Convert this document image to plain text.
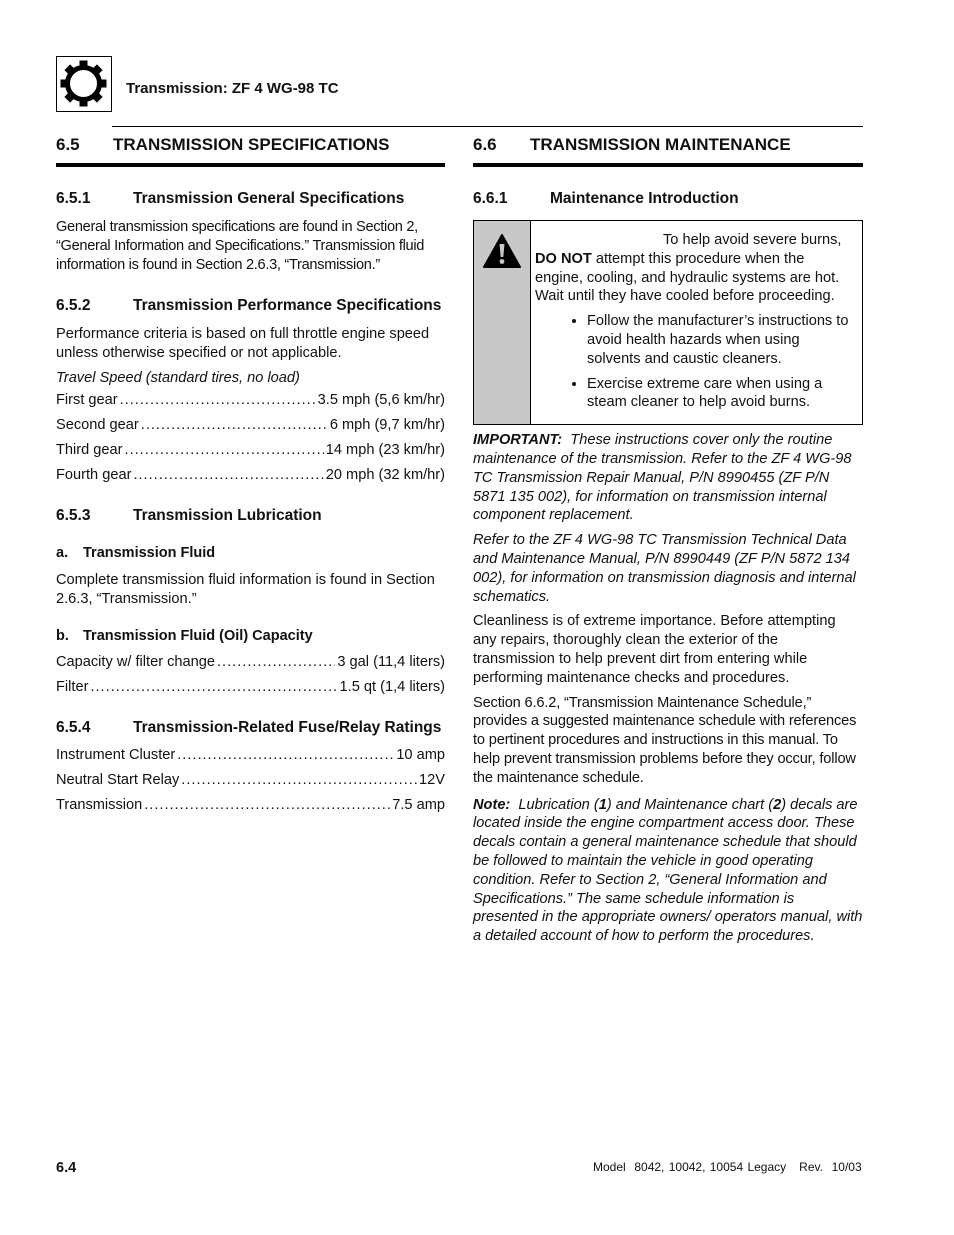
Transmission: ZF 4 WG-98 TC
6.5	TRANSMISSION SPECIFICATIONS
6.5.1	Transmission General Specifications

General transmission specifications are found in Section 2, “General Information and Specifications.” Transmission fluid information is found in Section 2.6.3, “Transmission.”

6.5.2	Transmission Performance Specifications

Performance criteria is based on full throttle engine speed unless otherwise specified or not applicable.

Travel Speed (standard tires, no load)

First gear .....	3.5 mph (5,6 km/hr)
Second gear .....	6 mph (9,7 km/hr)
Third gear .....	14 mph (23 km/hr)
Fourth gear .....	20 mph (32 km/hr)
6.5.3	Transmission Lubrication
a.	Transmission Fluid

Complete transmission fluid information is found in Section 2.6.3, “Transmission.”

b. Transmission Fluid (Oil) Capacity
Capacity w/ filter change .....	3 gal (11,4 liters)
Filter .....	1.5 qt (1,4 liters)
6.5.4	Transmission-Related Fuse/Relay Ratings
Instrument Cluster .....	10 amp
Neutral Start Relay .....	12V
Transmission .....	7.5 amp
6.6	TRANSMISSION MAINTENANCE
6.6.1	Maintenance Introduction

To help avoid severe burns,

DO NOT attempt this procedure when the engine, cooling, and hydraulic systems are hot. Wait until they have cooled before proceeding.

• Follow the manufacturer’s instructions to avoid health hazards when using solvents and caustic cleaners.
• Exercise extreme care when using a steam cleaner to help avoid burns.

IMPORTANT: These instructions cover only the routine maintenance of the transmission. Refer to the ZF 4 WG-98 TC Transmission Repair Manual, P/N 8990455 (ZF P/N 5871 135 002), for information on transmission internal component replacement.

Refer to the ZF 4 WG-98 TC Transmission Technical Data and Maintenance Manual, P/N 8990449 (ZF P/N 5872 134 002), for information on transmission diagnosis and internal schematics.

Cleanliness is of extreme importance. Before attempting any repairs, thoroughly clean the exterior of the transmission to help prevent dirt from entering while performing maintenance checks and procedures.

Section 6.6.2, “Transmission Maintenance Schedule,” provides a suggested maintenance schedule with references to pertinent procedures and instructions in this manual. To help prevent transmission problems before they occur, follow the maintenance schedule.

Note: Lubrication (1) and Maintenance chart (2) decals are located inside the engine compartment access door. These decals contain a general maintenance schedule that should be followed to maintain the vehicle in good operating condition. Refer to Section 2, “General Information and Specifications.” The same schedule information is presented in the appropriate owners/ operators manual, with a detailed account of how to perform the procedures.

6.4	Model  8042, 10042, 10054 Legacy   Rev.  10/03
